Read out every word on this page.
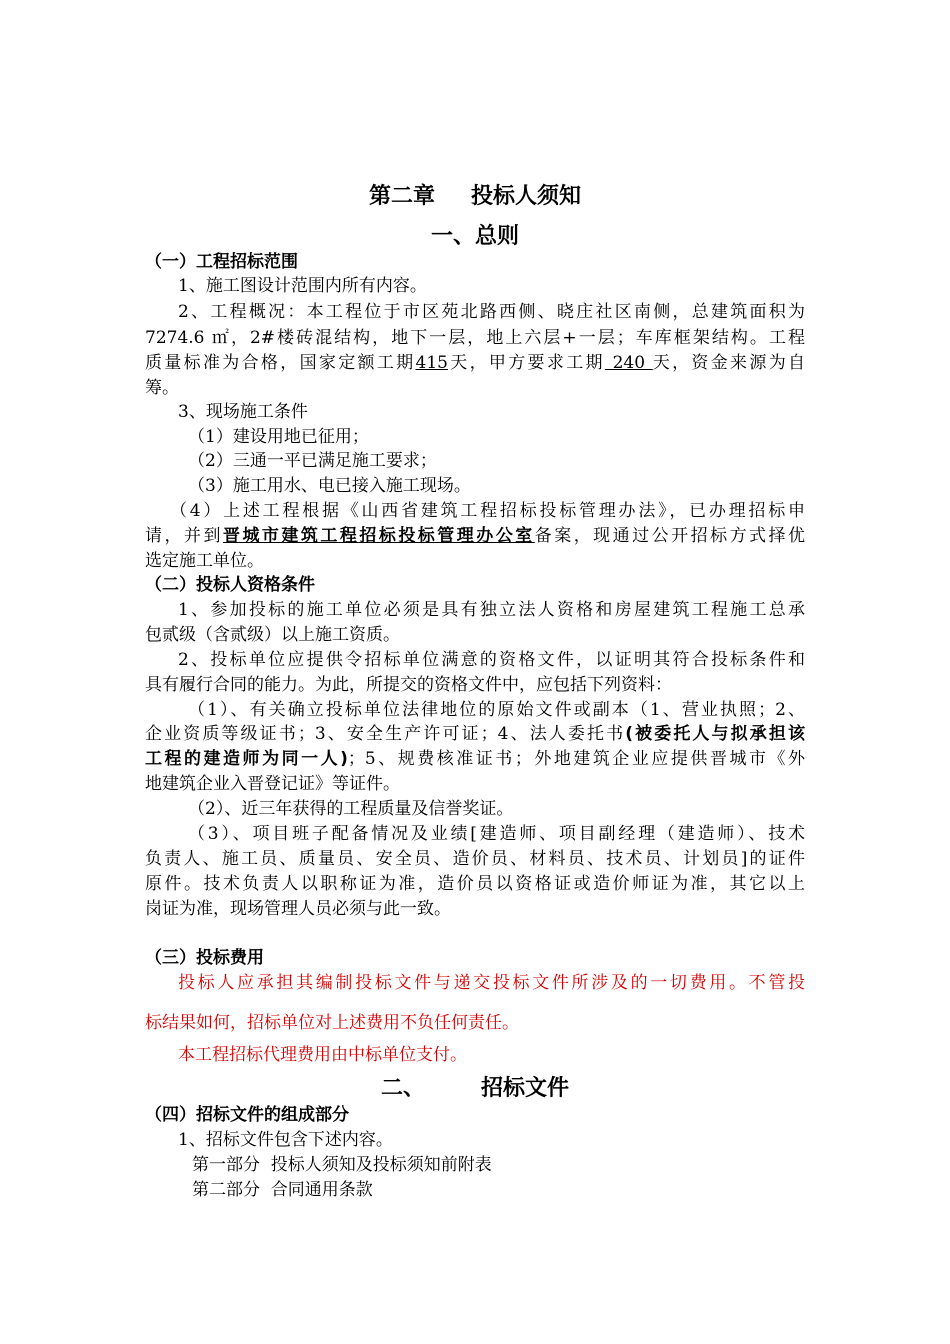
第二章 投标人须知
一、总则
（一）工程招标范围
1、施工图设计范围内所有内容。
2、工程概况：本工程位于市区苑北路西侧、晓庄社区南侧，总建筑面积为
7274.6 ㎡，2#楼砖混结构，地下一层，地上六层+一层；车库框架结构。工程
质量标准为合格，国家定额工期415天，甲方要求工期 240 天，资金来源为自
筹。
3、现场施工条件
（1）建设用地已征用；
（2）三通一平已满足施工要求；
（3）施工用水、电已接入施工现场。
（4）上述工程根据《山西省建筑工程招标投标管理办法》，已办理招标申
请，并到晋城市建筑工程招标投标管理办公室备案，现通过公开招标方式择优
选定施工单位。
（二）投标人资格条件
1、参加投标的施工单位必须是具有独立法人资格和房屋建筑工程施工总承
包贰级（含贰级）以上施工资质。
2、投标单位应提供令招标单位满意的资格文件，以证明其符合投标条件和
具有履行合同的能力。为此，所提交的资格文件中，应包括下列资料：
（1）、有关确立投标单位法律地位的原始文件或副本（1、营业执照；2、
企业资质等级证书；3、安全生产许可证；4、法人委托书(被委托人与拟承担该
工程的建造师为同一人)；5、规费核准证书；外地建筑企业应提供晋城市《外
地建筑企业入晋登记证》等证件。
（2）、近三年获得的工程质量及信誉奖证。
（3）、项目班子配备情况及业绩[建造师、项目副经理（建造师）、技术
负责人、施工员、质量员、安全员、造价员、材料员、技术员、计划员]的证件
原件。技术负责人以职称证为准，造价员以资格证或造价师证为准，其它以上
岗证为准，现场管理人员必须与此一致。
（三）投标费用
投标人应承担其编制投标文件与递交投标文件所涉及的一切费用。不管投
标结果如何，招标单位对上述费用不负任何责任。
本工程招标代理费用由中标单位支付。
二、	招标文件
（四）招标文件的组成部分
1、招标文件包含下述内容。
第一部分  投标人须知及投标须知前附表
第二部分  合同通用条款
